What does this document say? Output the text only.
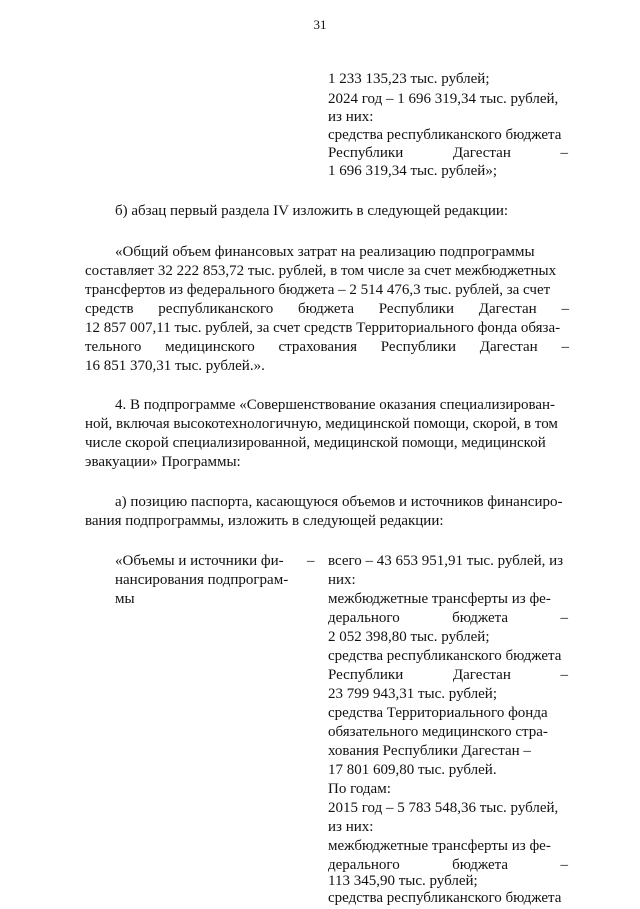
31

1 233 135,23 тыс. рублей;

2024 год – 1 696 319,34 тыс. рублей,

из них:

средства республиканского бюджета

Республики	Дагестан	–

1 696 319,34 тыс. рублей»;

б) абзац первый раздела IV изложить в следующей редакции:

«Общий объем финансовых затрат на реализацию подпрограммы

составляет 32 222 853,72 тыс. рублей, в том числе за счет межбюджетных

трансфертов из федерального бюджета – 2 514 476,3 тыс. рублей, за счет

средств республиканского бюджета Республики Дагестан –

12 857 007,11 тыс. рублей, за счет средств Территориального фонда обяза-

тельного медицинского страхования Республики Дагестан –

16 851 370,31 тыс. рублей.».

4. В подпрограмме «Совершенствование оказания специализирован-

ной, включая высокотехнологичную, медицинской помощи, скорой, в том

числе скорой специализированной, медицинской помощи, медицинской

эвакуации» Программы:

а) позицию паспорта, касающуюся объемов и источников финансиро-

вания подпрограммы, изложить в следующей редакции:

«Объемы и источники фи-

нансирования подпрограм-

мы

– всего – 43 653 951,91 тыс. рублей, из

них:

межбюджетные трансферты из фе-

дерального	бюджета	–

2 052 398,80 тыс. рублей;

средства республиканского бюджета

Республики	Дагестан	–

23 799 943,31 тыс. рублей;

средства Территориального фонда

обязательного медицинского стра-

хования Республики Дагестан –

17 801 609,80 тыс. рублей.

По годам:

2015 год – 5 783 548,36 тыс. рублей,

из них:

межбюджетные трансферты из фе-

дерального	бюджета	–

113 345,90 тыс. рублей;

средства республиканского бюджета
